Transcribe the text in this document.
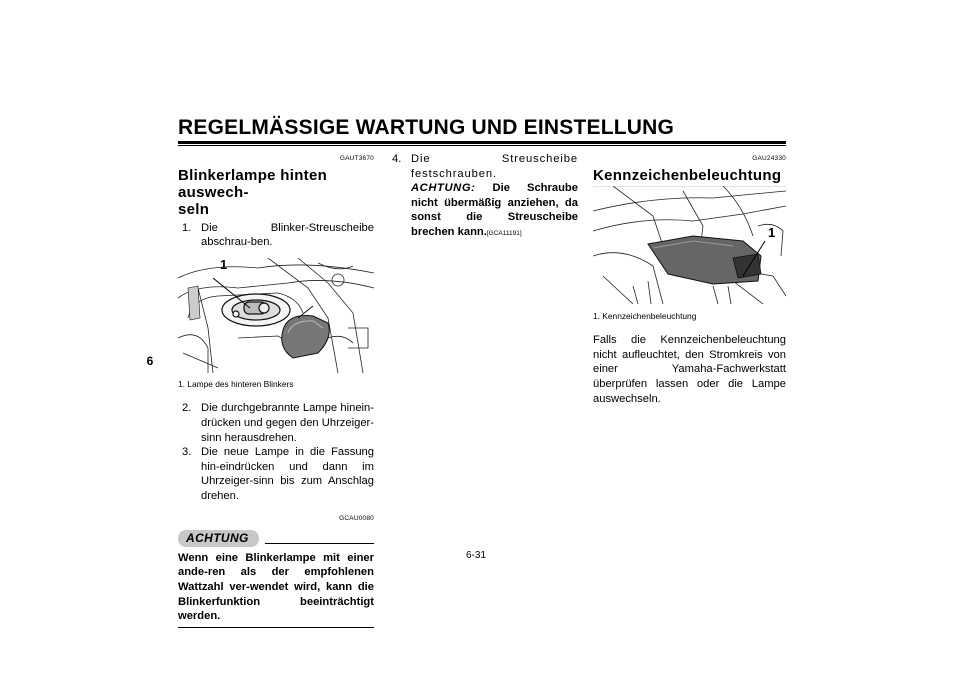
REGELMÄSSIGE WARTUNG UND EINSTELLUNG
6
GAUT3670
Blinkerlampe hinten auswech-
seln
1. Die Blinker-Streuscheibe abschrau-ben.
1
1. Lampe des hinteren Blinkers
2. Die durchgebrannte Lampe hinein-drücken und gegen den Uhrzeiger-sinn herausdrehen.
3. Die neue Lampe in die Fassung hin-eindrücken und dann im Uhrzeiger-sinn bis zum Anschlag drehen.
GCAU0080
ACHTUNG
Wenn eine Blinkerlampe mit einer ande-ren als der empfohlenen Wattzahl ver-wendet wird, kann die Blinkerfunktion beeinträchtigt werden.
4. Die Streuscheibe festschrauben.
ACHTUNG: Die Schraube nicht übermäßig anziehen, da sonst die Streuscheibe brechen kann.[GCA11191]
GAU24330
Kennzeichenbeleuchtung
1
1. Kennzeichenbeleuchtung
Falls die Kennzeichenbeleuchtung nicht aufleuchtet, den Stromkreis von einer Yamaha-Fachwerkstatt überprüfen lassen oder die Lampe auswechseln.
6-31
